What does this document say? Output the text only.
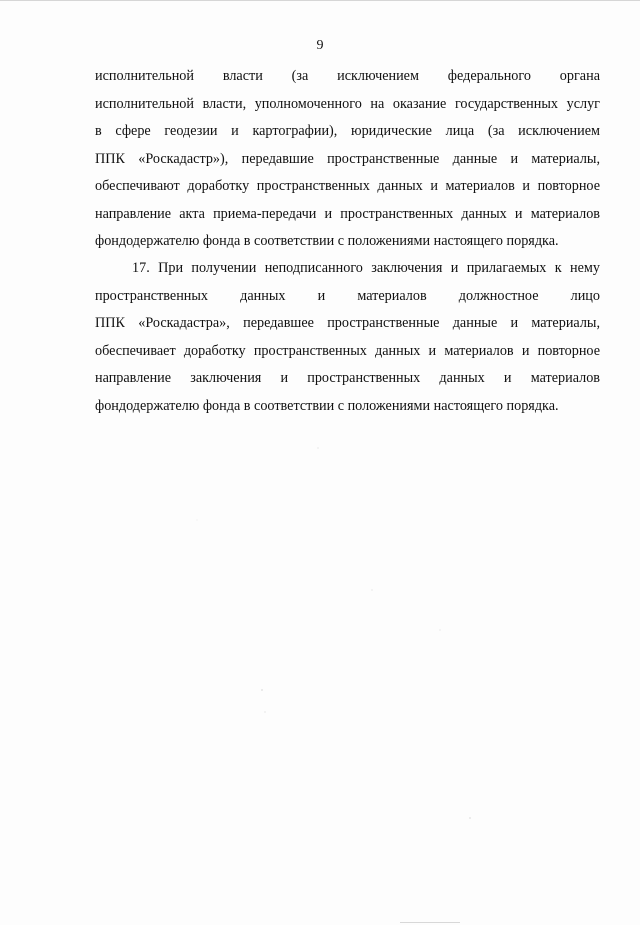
9
исполнительной власти (за исключением федерального органа
исполнительной власти, уполномоченного на оказание государственных услуг
в сфере геодезии и картографии), юридические лица (за исключением
ППК «Роскадастр»), передавшие пространственные данные и материалы,
обеспечивают доработку пространственных данных и материалов и повторное
направление акта приема-передачи и пространственных данных и материалов
фондодержателю фонда в соответствии с положениями настоящего порядка.
17. При получении неподписанного заключения и прилагаемых к нему
пространственных данных и материалов должностное лицо
ППК «Роскадастра», передавшее пространственные данные и материалы,
обеспечивает доработку пространственных данных и материалов и повторное
направление заключения и пространственных данных и материалов
фондодержателю фонда в соответствии с положениями настоящего порядка.
